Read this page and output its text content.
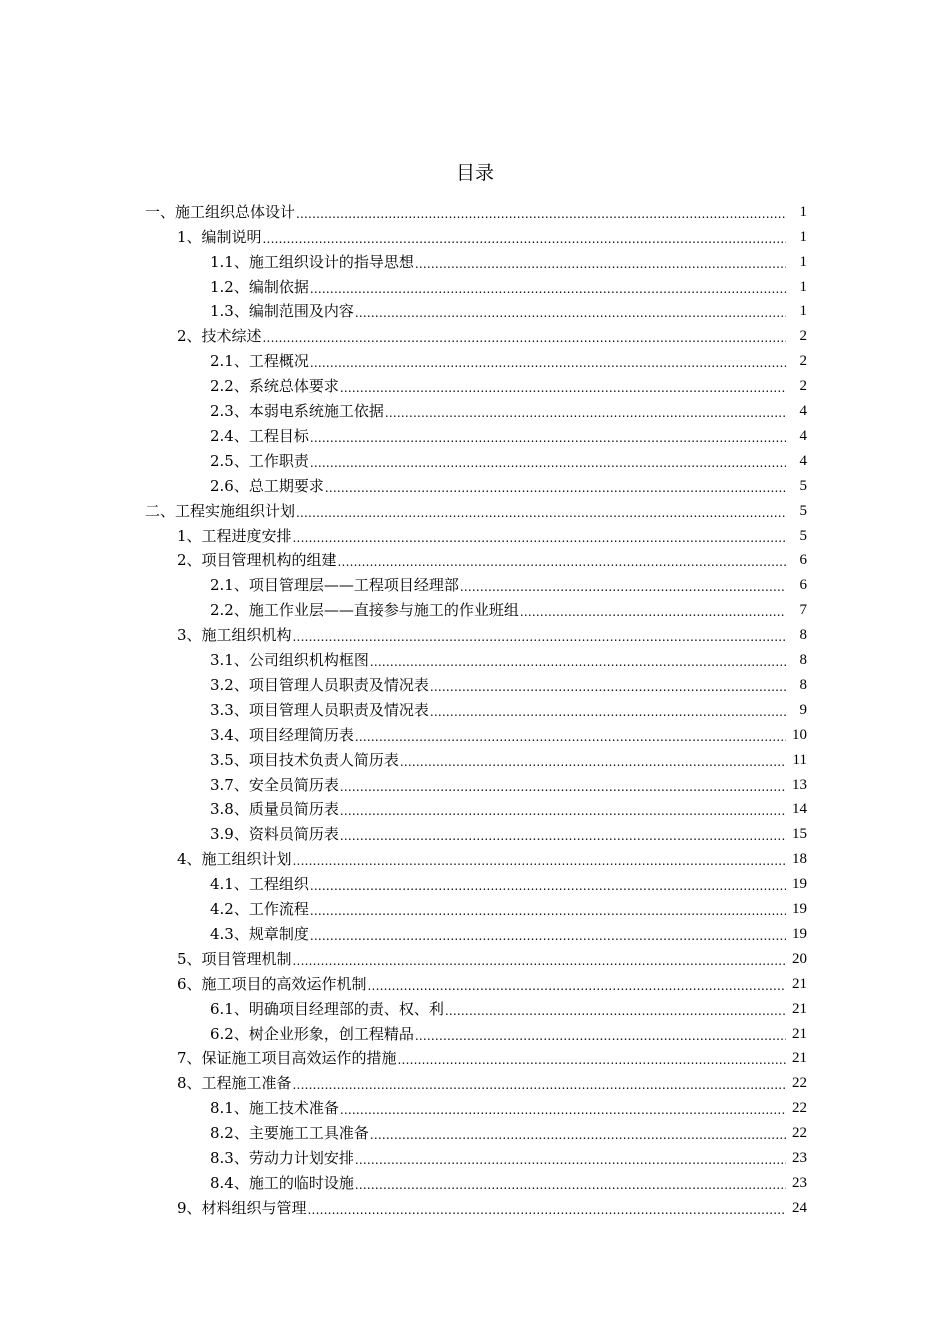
目录
一、施工组织总体设计 .....	1
1、编制说明 .....	1
1.1、施工组织设计的指导思想 .....	1
1.2、编制依据 .....	1
1.3、编制范围及内容 .....	1
2、技术综述 .....	2
2.1、工程概况 .....	2
2.2、系统总体要求 .....	2
2.3、本弱电系统施工依据 .....	4
2.4、工程目标 .....	4
2.5、工作职责 .....	4
2.6、总工期要求 .....	5
二、工程实施组织计划 .....	5
1、工程进度安排 .....	5
2、项目管理机构的组建 .....	6
2.1、项目管理层——工程项目经理部 .....	6
2.2、施工作业层——直接参与施工的作业班组 .....	7
3、施工组织机构 .....	8
3.1、公司组织机构框图 .....	8
3.2、项目管理人员职责及情况表 .....	8
3.3、项目管理人员职责及情况表 .....	9
3.4、项目经理简历表 .....	10
3.5、项目技术负责人简历表 .....	11
3.7、安全员简历表 .....	13
3.8、质量员简历表 .....	14
3.9、资料员简历表 .....	15
4、施工组织计划 .....	18
4.1、工程组织 .....	19
4.2、工作流程 .....	19
4.3、规章制度 .....	19
5、项目管理机制 .....	20
6、施工项目的高效运作机制 .....	21
6.1、明确项目经理部的责、权、利 .....	21
6.2、树企业形象，创工程精品 .....	21
7、保证施工项目高效运作的措施 .....	21
8、工程施工准备 .....	22
8.1、施工技术准备 .....	22
8.2、主要施工工具准备 .....	22
8.3、劳动力计划安排 .....	23
8.4、施工的临时设施 .....	23
9、材料组织与管理 .....	24
